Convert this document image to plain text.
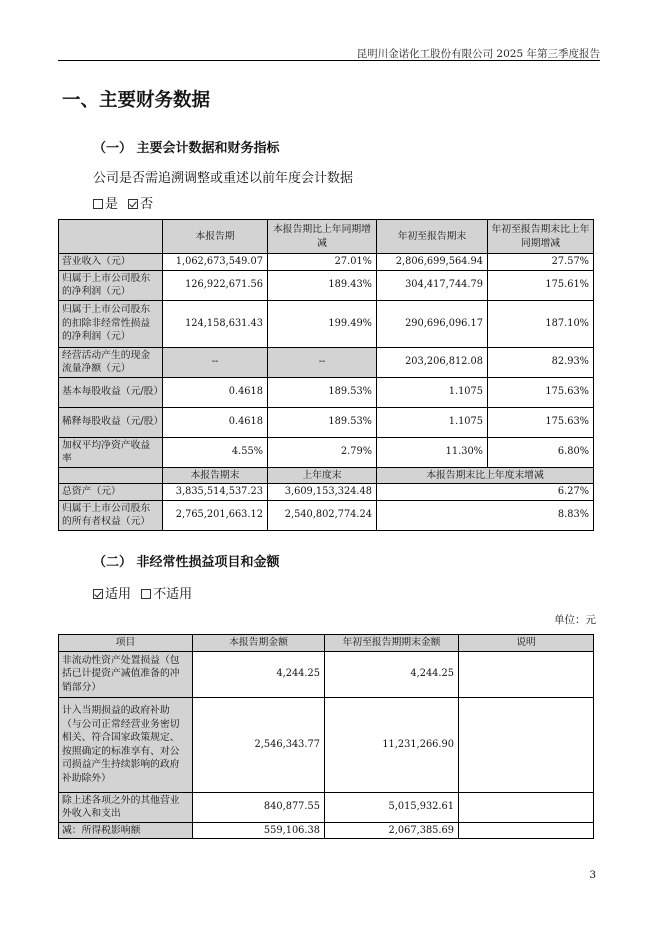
昆明川金诺化工股份有限公司 2025 年第三季度报告
一、主要财务数据
（一） 主要会计数据和财务指标
公司是否需追溯调整或重述以前年度会计数据
是 否
	本报告期	本报告期比上年同期增减	年初至报告期末	年初至报告期末比上年同期增减
营业收入（元）	1,062,673,549.07	27.01%	2,806,699,564.94	27.57%
归属于上市公司股东的净利润（元）	126,922,671.56	189.43%	304,417,744.79	175.61%
归属于上市公司股东的扣除非经常性损益的净利润（元）	124,158,631.43	199.49%	290,696,096.17	187.10%
经营活动产生的现金流量净额（元）	--	--	203,206,812.08	82.93%
基本每股收益（元/股）	0.4618	189.53%	1.1075	175.63%
稀释每股收益（元/股）	0.4618	189.53%	1.1075	175.63%
加权平均净资产收益率	4.55%	2.79%	11.30%	6.80%
	本报告期末	上年度末	本报告期末比上年度末增减	
总资产（元）	3,835,514,537.23	3,609,153,324.48	6.27%	
归属于上市公司股东的所有者权益（元）	2,765,201,663.12	2,540,802,774.24	8.83%	
（二） 非经常性损益项目和金额
适用 不适用
单位：元
项目	本报告期金额	年初至报告期期末金额	说明
非流动性资产处置损益（包括已计提资产减值准备的冲销部分）	4,244.25	4,244.25	
计入当期损益的政府补助（与公司正常经营业务密切相关、符合国家政策规定、按照确定的标准享有、对公司损益产生持续影响的政府补助除外）	2,546,343.77	11,231,266.90	
除上述各项之外的其他营业外收入和支出	840,877.55	5,015,932.61	
减：所得税影响额	559,106.38	2,067,385.69	
3
